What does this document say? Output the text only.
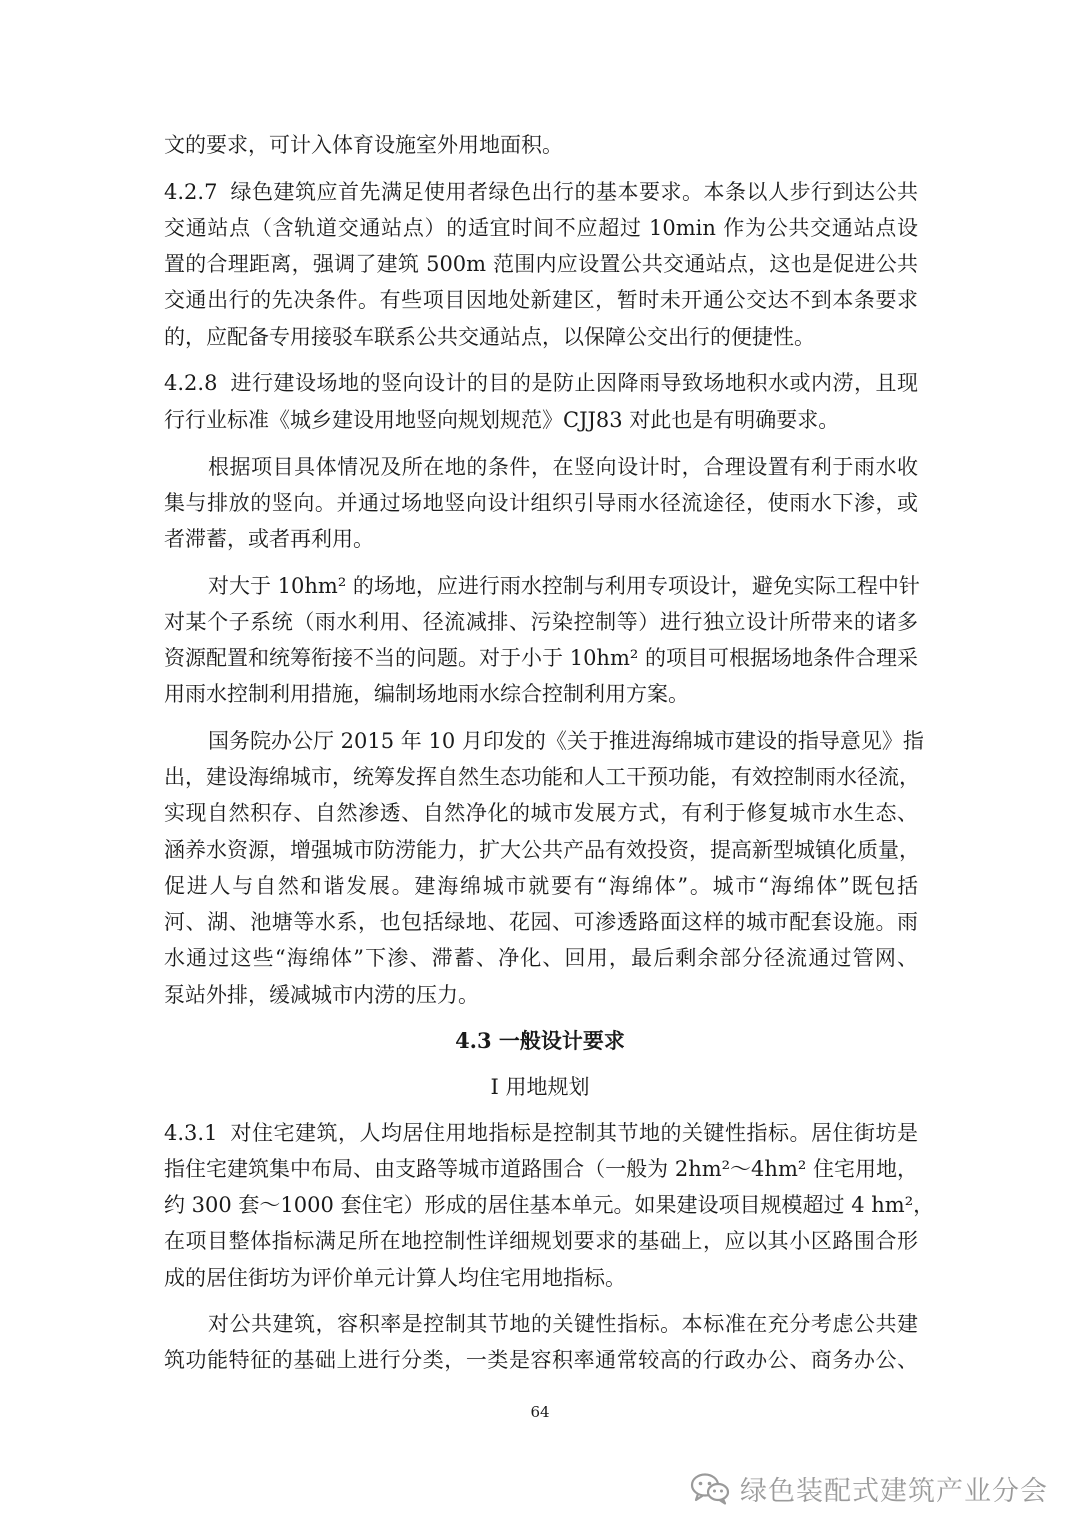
文的要求，可计入体育设施室外用地面积。
4.2.7 绿色建筑应首先满足使用者绿色出行的基本要求。本条以人步行到达公共
交通站点（含轨道交通站点）的适宜时间不应超过 10min 作为公共交通站点设
置的合理距离，强调了建筑 500m 范围内应设置公共交通站点，这也是促进公共
交通出行的先决条件。有些项目因地处新建区，暂时未开通公交达不到本条要求
的，应配备专用接驳车联系公共交通站点，以保障公交出行的便捷性。
4.2.8 进行建设场地的竖向设计的目的是防止因降雨导致场地积水或内涝，且现
行行业标准《城乡建设用地竖向规划规范》CJJ83 对此也是有明确要求。
根据项目具体情况及所在地的条件，在竖向设计时，合理设置有利于雨水收
集与排放的竖向。并通过场地竖向设计组织引导雨水径流途径，使雨水下渗，或
者滞蓄，或者再利用。
对大于 10hm² 的场地，应进行雨水控制与利用专项设计，避免实际工程中针
对某个子系统（雨水利用、径流减排、污染控制等）进行独立设计所带来的诸多
资源配置和统筹衔接不当的问题。对于小于 10hm² 的项目可根据场地条件合理采
用雨水控制利用措施，编制场地雨水综合控制利用方案。
国务院办公厅 2015 年 10 月印发的《关于推进海绵城市建设的指导意见》指
出，建设海绵城市，统筹发挥自然生态功能和人工干预功能，有效控制雨水径流，
实现自然积存、自然渗透、自然净化的城市发展方式，有利于修复城市水生态、
涵养水资源，增强城市防涝能力，扩大公共产品有效投资，提高新型城镇化质量，
促进人与自然和谐发展。建海绵城市就要有“海绵体”。城市“海绵体”既包括
河、湖、池塘等水系，也包括绿地、花园、可渗透路面这样的城市配套设施。雨
水通过这些“海绵体”下渗、滞蓄、净化、回用，最后剩余部分径流通过管网、
泵站外排，缓减城市内涝的压力。
4.3 一般设计要求
Ⅰ 用地规划
4.3.1 对住宅建筑，人均居住用地指标是控制其节地的关键性指标。居住街坊是
指住宅建筑集中布局、由支路等城市道路围合（一般为 2hm²～4hm² 住宅用地，
约 300 套～1000 套住宅）形成的居住基本单元。如果建设项目规模超过 4 hm²，
在项目整体指标满足所在地控制性详细规划要求的基础上，应以其小区路围合形
成的居住街坊为评价单元计算人均住宅用地指标。
对公共建筑，容积率是控制其节地的关键性指标。本标准在充分考虑公共建
筑功能特征的基础上进行分类，一类是容积率通常较高的行政办公、商务办公、
64
绿色装配式建筑产业分会
